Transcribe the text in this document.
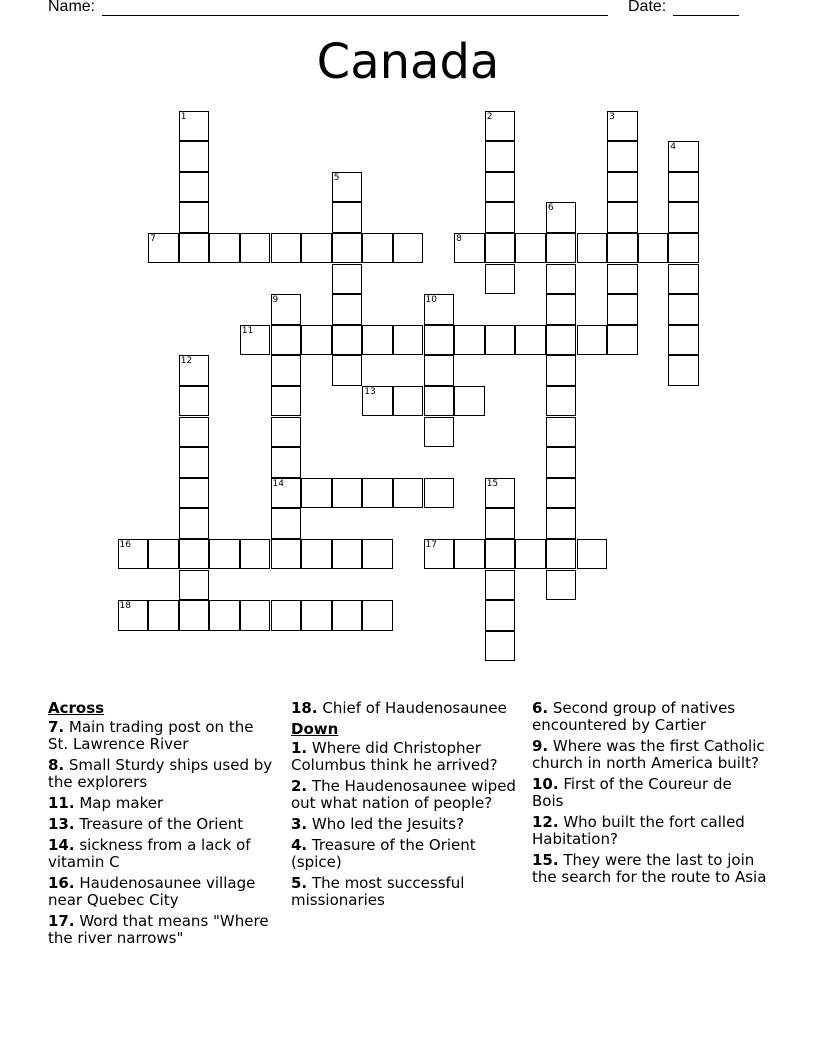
Name:	Date:
Canada
1	2	3
4
5
6
7	8
9
14
10
11
12
13
15
16	17
18
Across
7. Main trading post on the St. Lawrence River
8. Small Sturdy ships used by the explorers
11. Map maker
13. Treasure of the Orient
14. sickness from a lack of vitamin C
16. Haudenosaunee village near Quebec City
17. Word that means "Where the river narrows"
18. Chief of Haudenosaunee
Down
1. Where did Christopher Columbus think he arrived?
2. The Haudenosaunee wiped out what nation of people?
3. Who led the Jesuits?
4. Treasure of the Orient (spice)
5. The most successful missionaries
6. Second group of natives encountered by Cartier
9. Where was the first Catholic church in north America built?
10. First of the Coureur de Bois
12. Who built the fort called Habitation?
15. They were the last to join the search for the route to Asia
